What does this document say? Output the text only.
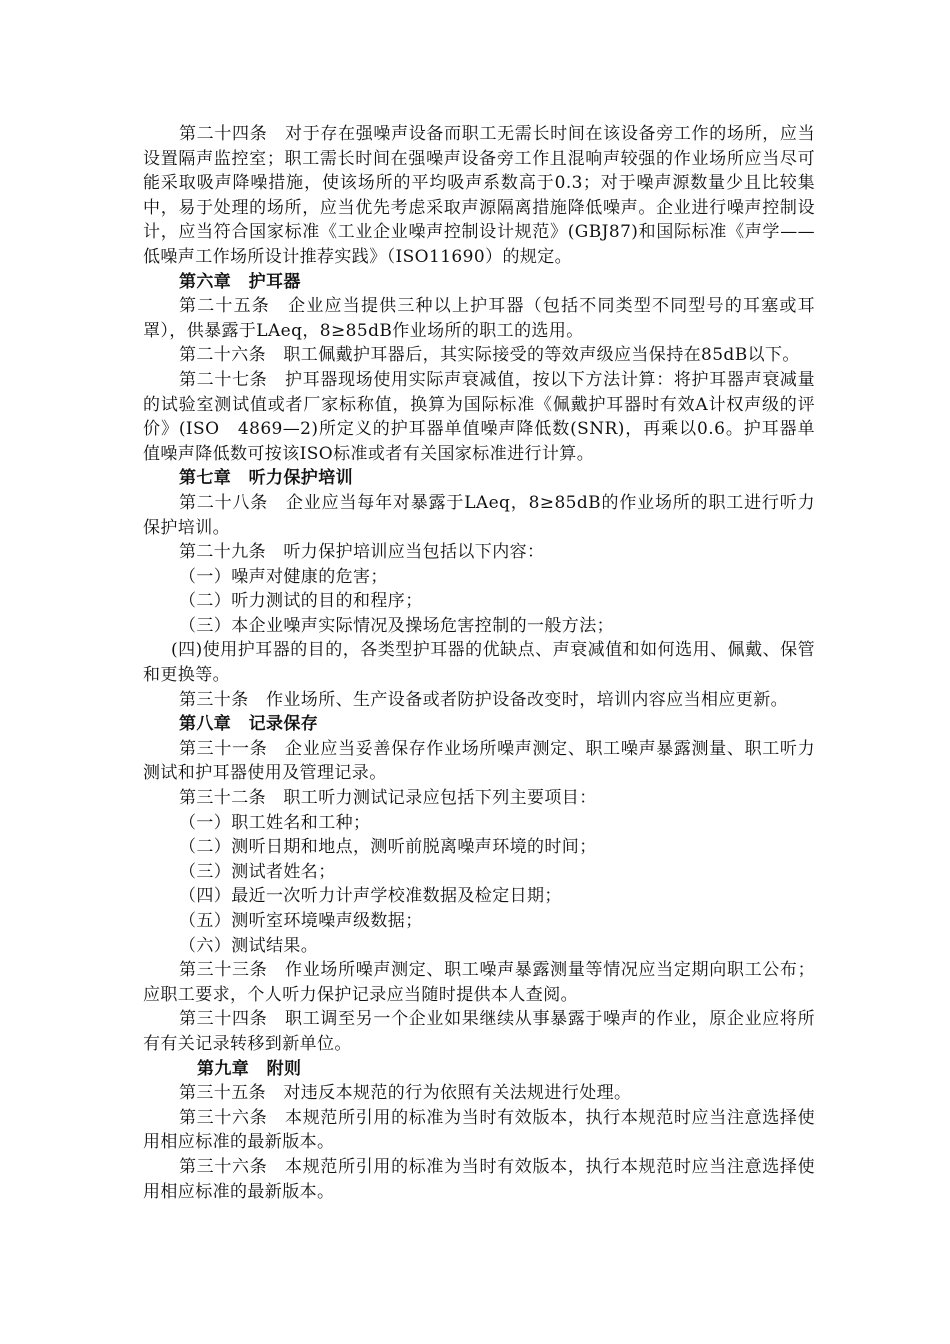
第二十四条　对于存在强噪声设备而职工无需长时间在该设备旁工作的场所，应当设置隔声监控室；职工需长时间在强噪声设备旁工作且混响声较强的作业场所应当尽可能采取吸声降噪措施，使该场所的平均吸声系数高于0.3；对于噪声源数量少且比较集中，易于处理的场所，应当优先考虑采取声源隔离措施降低噪声。企业进行噪声控制设计，应当符合国家标准《工业企业噪声控制设计规范》(GBJ87)和国际标准《声学——低噪声工作场所设计推荐实践》（ISO11690）的规定。

第六章　护耳器

第二十五条　企业应当提供三种以上护耳器（包括不同类型不同型号的耳塞或耳罩），供暴露于LAeq，8≥85dB作业场所的职工的选用。

第二十六条　职工佩戴护耳器后，其实际接受的等效声级应当保持在85dB以下。

第二十七条　护耳器现场使用实际声衰减值，按以下方法计算：将护耳器声衰减量的试验室测试值或者厂家标称值，换算为国际标准《佩戴护耳器时有效A计权声级的评价》(ISO　4869—2)所定义的护耳器单值噪声降低数(SNR)，再乘以0.6。护耳器单值噪声降低数可按该ISO标准或者有关国家标准进行计算。

第七章　听力保护培训

第二十八条　企业应当每年对暴露于LAeq，8≥85dB的作业场所的职工进行听力保护培训。

第二十九条　听力保护培训应当包括以下内容：

（一）噪声对健康的危害；

（二）听力测试的目的和程序；

（三）本企业噪声实际情况及操场危害控制的一般方法；

(四)使用护耳器的目的，各类型护耳器的优缺点、声衰减值和如何选用、佩戴、保管和更换等。

第三十条　作业场所、生产设备或者防护设备改变时，培训内容应当相应更新。

第八章　记录保存

第三十一条　企业应当妥善保存作业场所噪声测定、职工噪声暴露测量、职工听力测试和护耳器使用及管理记录。

第三十二条　职工听力测试记录应包括下列主要项目：

（一）职工姓名和工种；

（二）测听日期和地点，测听前脱离噪声环境的时间；

（三）测试者姓名；

（四）最近一次听力计声学校准数据及检定日期；

（五）测听室环境噪声级数据；

（六）测试结果。

第三十三条　作业场所噪声测定、职工噪声暴露测量等情况应当定期向职工公布；应职工要求，个人听力保护记录应当随时提供本人查阅。

第三十四条　职工调至另一个企业如果继续从事暴露于噪声的作业，原企业应将所有有关记录转移到新单位。

第九章　附则

第三十五条　对违反本规范的行为依照有关法规进行处理。

第三十六条　本规范所引用的标准为当时有效版本，执行本规范时应当注意选择使用相应标准的最新版本。

第三十六条　本规范所引用的标准为当时有效版本，执行本规范时应当注意选择使用相应标准的最新版本。
